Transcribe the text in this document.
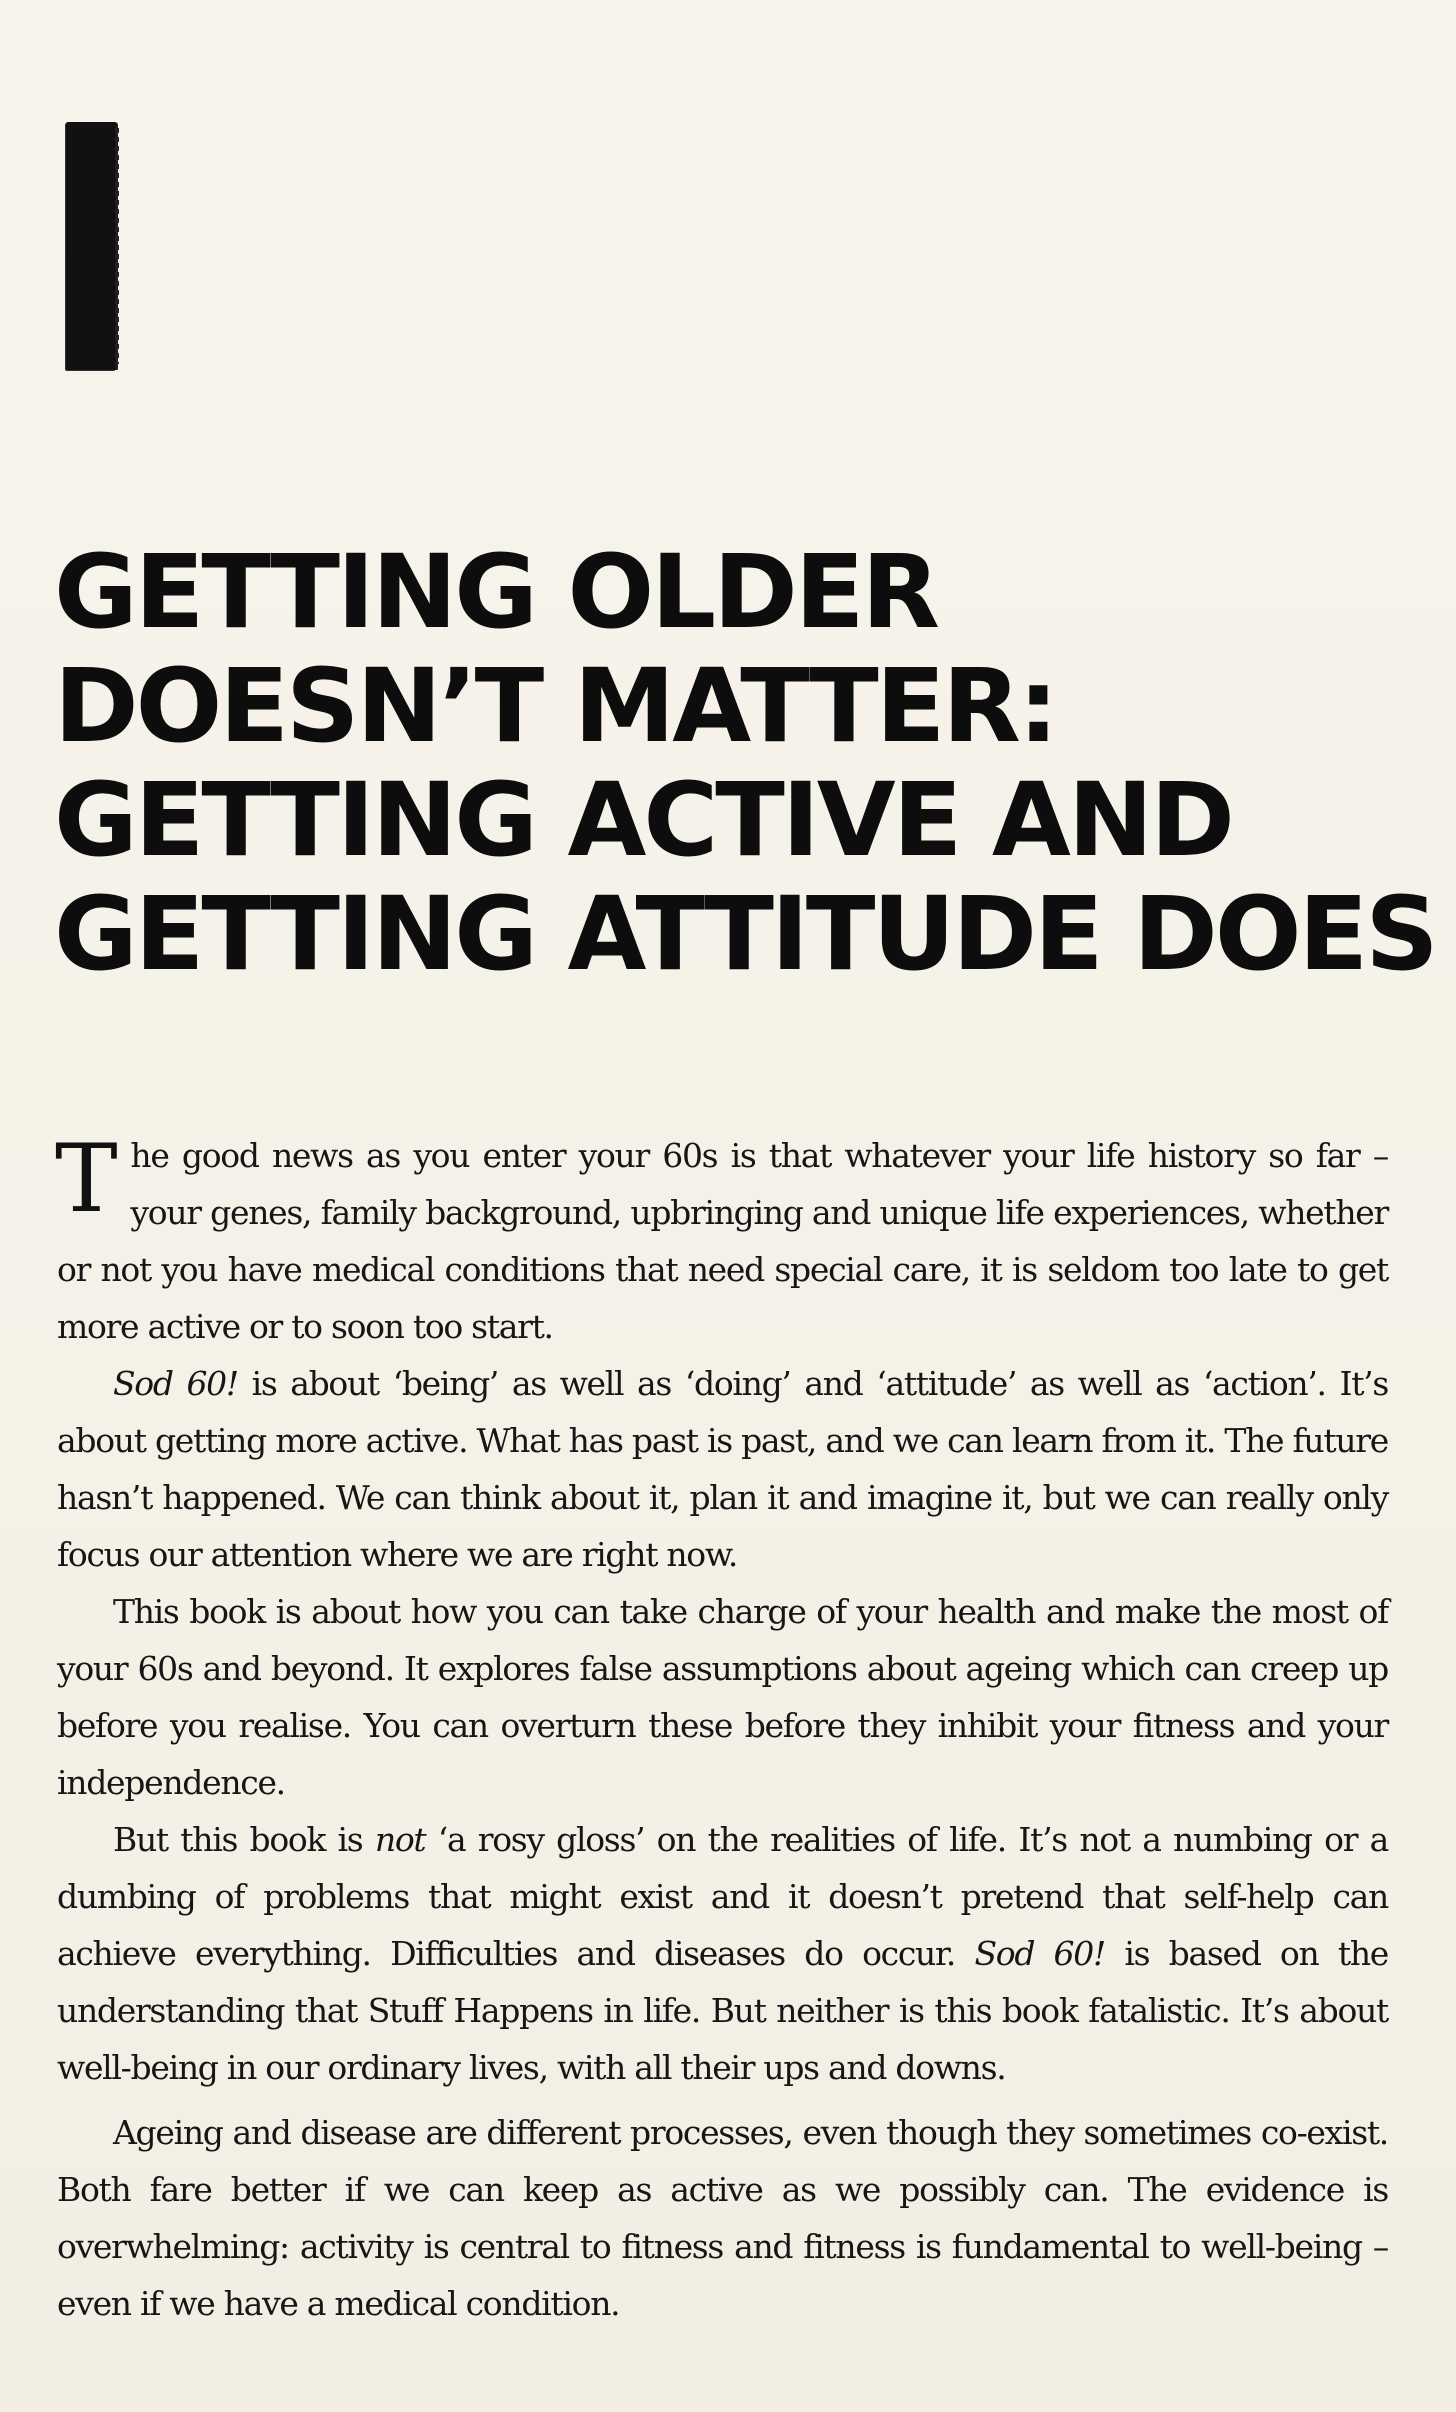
GETTING OLDER
DOESN’T MATTER:
GETTING ACTIVE AND
GETTING ATTITUDE DOES

The good news as you enter your 60s is that whatever your life history so far – your genes, family background, upbringing and unique life experiences, whether or not you have medical conditions that need special care, it is seldom too late to get more active or to soon too start.

Sod 60! is about ‘being’ as well as ‘doing’ and ‘attitude’ as well as ‘action’. It’s about getting more active. What has past is past, and we can learn from it. The future hasn’t happened. We can think about it, plan it and imagine it, but we can really only focus our attention where we are right now.

This book is about how you can take charge of your health and make the most of your 60s and beyond. It explores false assumptions about ageing which can creep up before you realise. You can overturn these before they inhibit your fitness and your independence.

But this book is not ‘a rosy gloss’ on the realities of life. It’s not a numbing or a dumbing of problems that might exist and it doesn’t pretend that self-help can achieve everything. Difficulties and diseases do occur. Sod 60! is based on the understanding that Stuff Happens in life. But neither is this book fatalistic. It’s about well-being in our ordinary lives, with all their ups and downs.

Ageing and disease are different processes, even though they sometimes co-exist. Both fare better if we can keep as active as we possibly can. The evidence is overwhelming: activity is central to fitness and fitness is fundamental to well-being – even if we have a medical condition.
